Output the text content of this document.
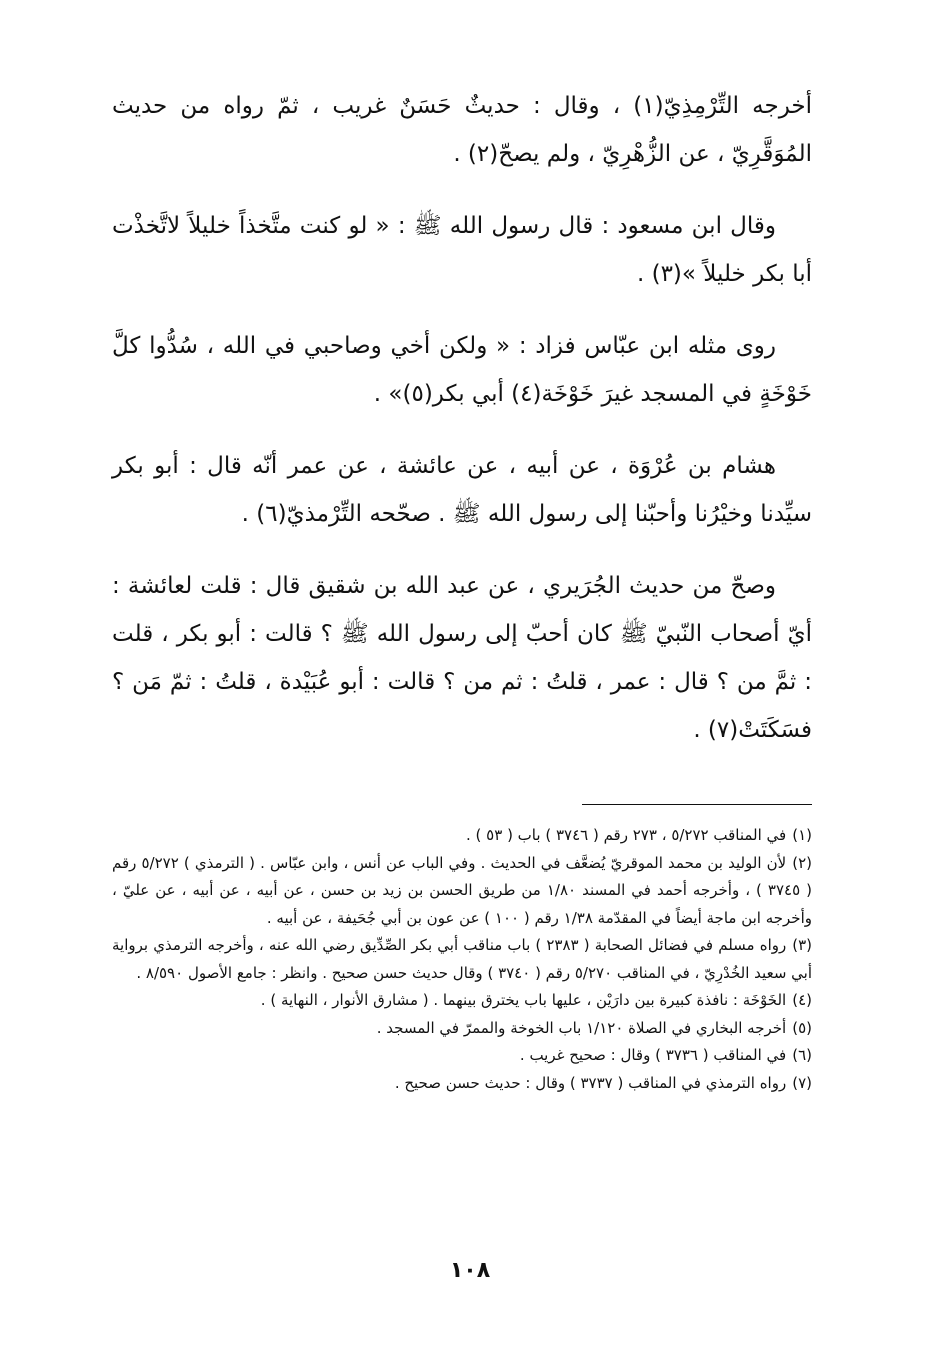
أخرجه التِّرْمِذِيّ(١) ، وقال : حديثٌ حَسَنٌ غريب ، ثمّ رواه من حديث المُوَقَّرِيّ ، عن الزُّهْرِيّ ، ولم يصحّ(٢) .

وقال ابن مسعود : قال رسول الله ﷺ : « لو كنت متَّخذاً خليلاً لاتَّخذْت أبا بكر خليلاً »(٣) .

روى مثله ابن عبّاس فزاد : « ولكن أخي وصاحبي في الله ، سُدُّوا كلَّ خَوْخَةٍ في المسجد غيرَ خَوْخَة(٤) أبي بكر(٥)» .

هشام بن عُرْوَة ، عن أبيه ، عن عائشة ، عن عمر أنّه قال : أبو بكر سيِّدنا وخيْرُنا وأحبّنا إلى رسول الله ﷺ . صحّحه التِّرْمذيّ(٦) .

وصحّ من حديث الجُرَيري ، عن عبد الله بن شقيق قال : قلت لعائشة : أيّ أصحاب النّبيّ ﷺ كان أحبّ إلى رسول الله ﷺ ؟ قالت : أبو بكر ، قلت : ثمَّ من ؟ قال : عمر ، قلتُ : ثم من ؟ قالت : أبو عُبَيْدة ، قلتُ : ثمّ مَن ؟ فسَكَتَتْ(٧) .

(١)في المناقب ٥/٢٧٢ ، ٢٧٣ رقم ( ٣٧٤٦ ) باب ( ٥٣ ) .

(٢)لأن الوليد بن محمد الموقريّ يُضعَّف في الحديث . وفي الباب عن أنس ، وابن عبّاس . ( الترمذي ) ٥/٢٧٢ رقم ( ٣٧٤٥ ) ، وأخرجه أحمد في المسند ١/٨٠ من طريق الحسن بن زيد بن حسن ، عن أبيه ، عن أبيه ، عن عليّ ، وأخرجه ابن ماجة أيضاً في المقدّمة ١/٣٨ رقم ( ١٠٠ ) عن عون بن أبي جُحَيفة ، عن أبيه .

(٣)رواه مسلم في فضائل الصحابة ( ٢٣٨٣ ) باب مناقب أبي بكر الصِّدِّيق رضي الله عنه ، وأخرجه الترمذي برواية أبي سعيد الخُدْرِيّ ، في المناقب ٥/٢٧٠ رقم ( ٣٧٤٠ ) وقال حديث حسن صحيح . وانظر : جامع الأصول ٨/٥٩٠ .

(٤)الخَوْخَة : نافذة كبيرة بين دارَيْن ، عليها باب يخترق بينهما . ( مشارق الأنوار ، النهاية ) .

(٥)أخرجه البخاري في الصلاة ١/١٢٠ باب الخوخة والممرّ في المسجد .

(٦)في المناقب ( ٣٧٣٦ ) وقال : صحيح غريب .

(٧)رواه الترمذي في المناقب ( ٣٧٣٧ ) وقال : حديث حسن صحيح .

١٠٨
